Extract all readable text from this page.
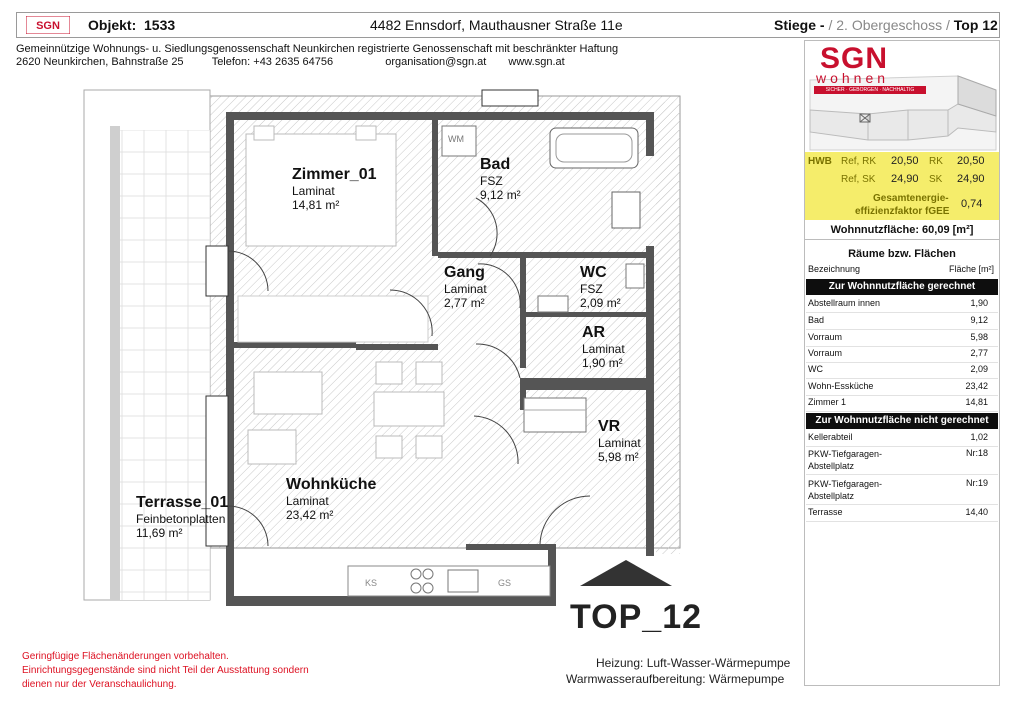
SGN Objekt: 1533	4482 Ennsdorf, Mauthausner Straße 11e	Stiege - / 2. Obergeschoss / Top 12
Gemeinnützige Wohnungs- u. Siedlungsgenossenschaft Neunkirchen registrierte Genossenschaft mit beschränkter Haftung
2620 Neunkirchen, Bahnstraße 25	Telefon: +43 2635 64756	organisation@sgn.at www.sgn.at	SGN
wohnen
SICHER · GEBORGEN · NACHHALTIG
HWB Ref, RK 20,50 RK 20,50
Ref, SK 24,90 SK 24,90
Gesamtenergie-
effizienzfaktor fGEE
0,74
Wohnnutzfläche: 60,09 [m²]
Räume bzw. Flächen
Bezeichnung	Fläche [m²]
Zur Wohnnutzfläche gerechnet
Abstellraum innen	1,90
Bad	9,12
Vorraum	5,98
Vorraum	2,77
WC	2,09
Wohn-Essküche	23,42
Zimmer 1	14,81
Zur Wohnnutzfläche nicht gerechnet
Kellerabteil	1,02
PKW-Tiefgaragen-Abstellplatz
Nr:18
PKW-Tiefgaragen-Abstellplatz
Nr:19
Terrasse	14,40
WM
KS	GS
Zimmer_01
Laminat
14,81 m²
Bad
FSZ
9,12 m²
Gang
Laminat
2,77 m²
WC
FSZ
2,09 m²
AR
Laminat
1,90 m²
VR
Laminat
5,98 m²
Wohnküche
Laminat
23,42 m²
Terrasse_01
Feinbetonplatten
11,69 m²
TOP_12
Geringfügige Flächenänderungen vorbehalten.
Einrichtungsgegenstände sind nicht Teil der Ausstattung sondern
dienen nur der Veranschaulichung.
Heizung: Luft-Wasser-Wärmepumpe
Warmwasseraufbereitung: Wärmepumpe
